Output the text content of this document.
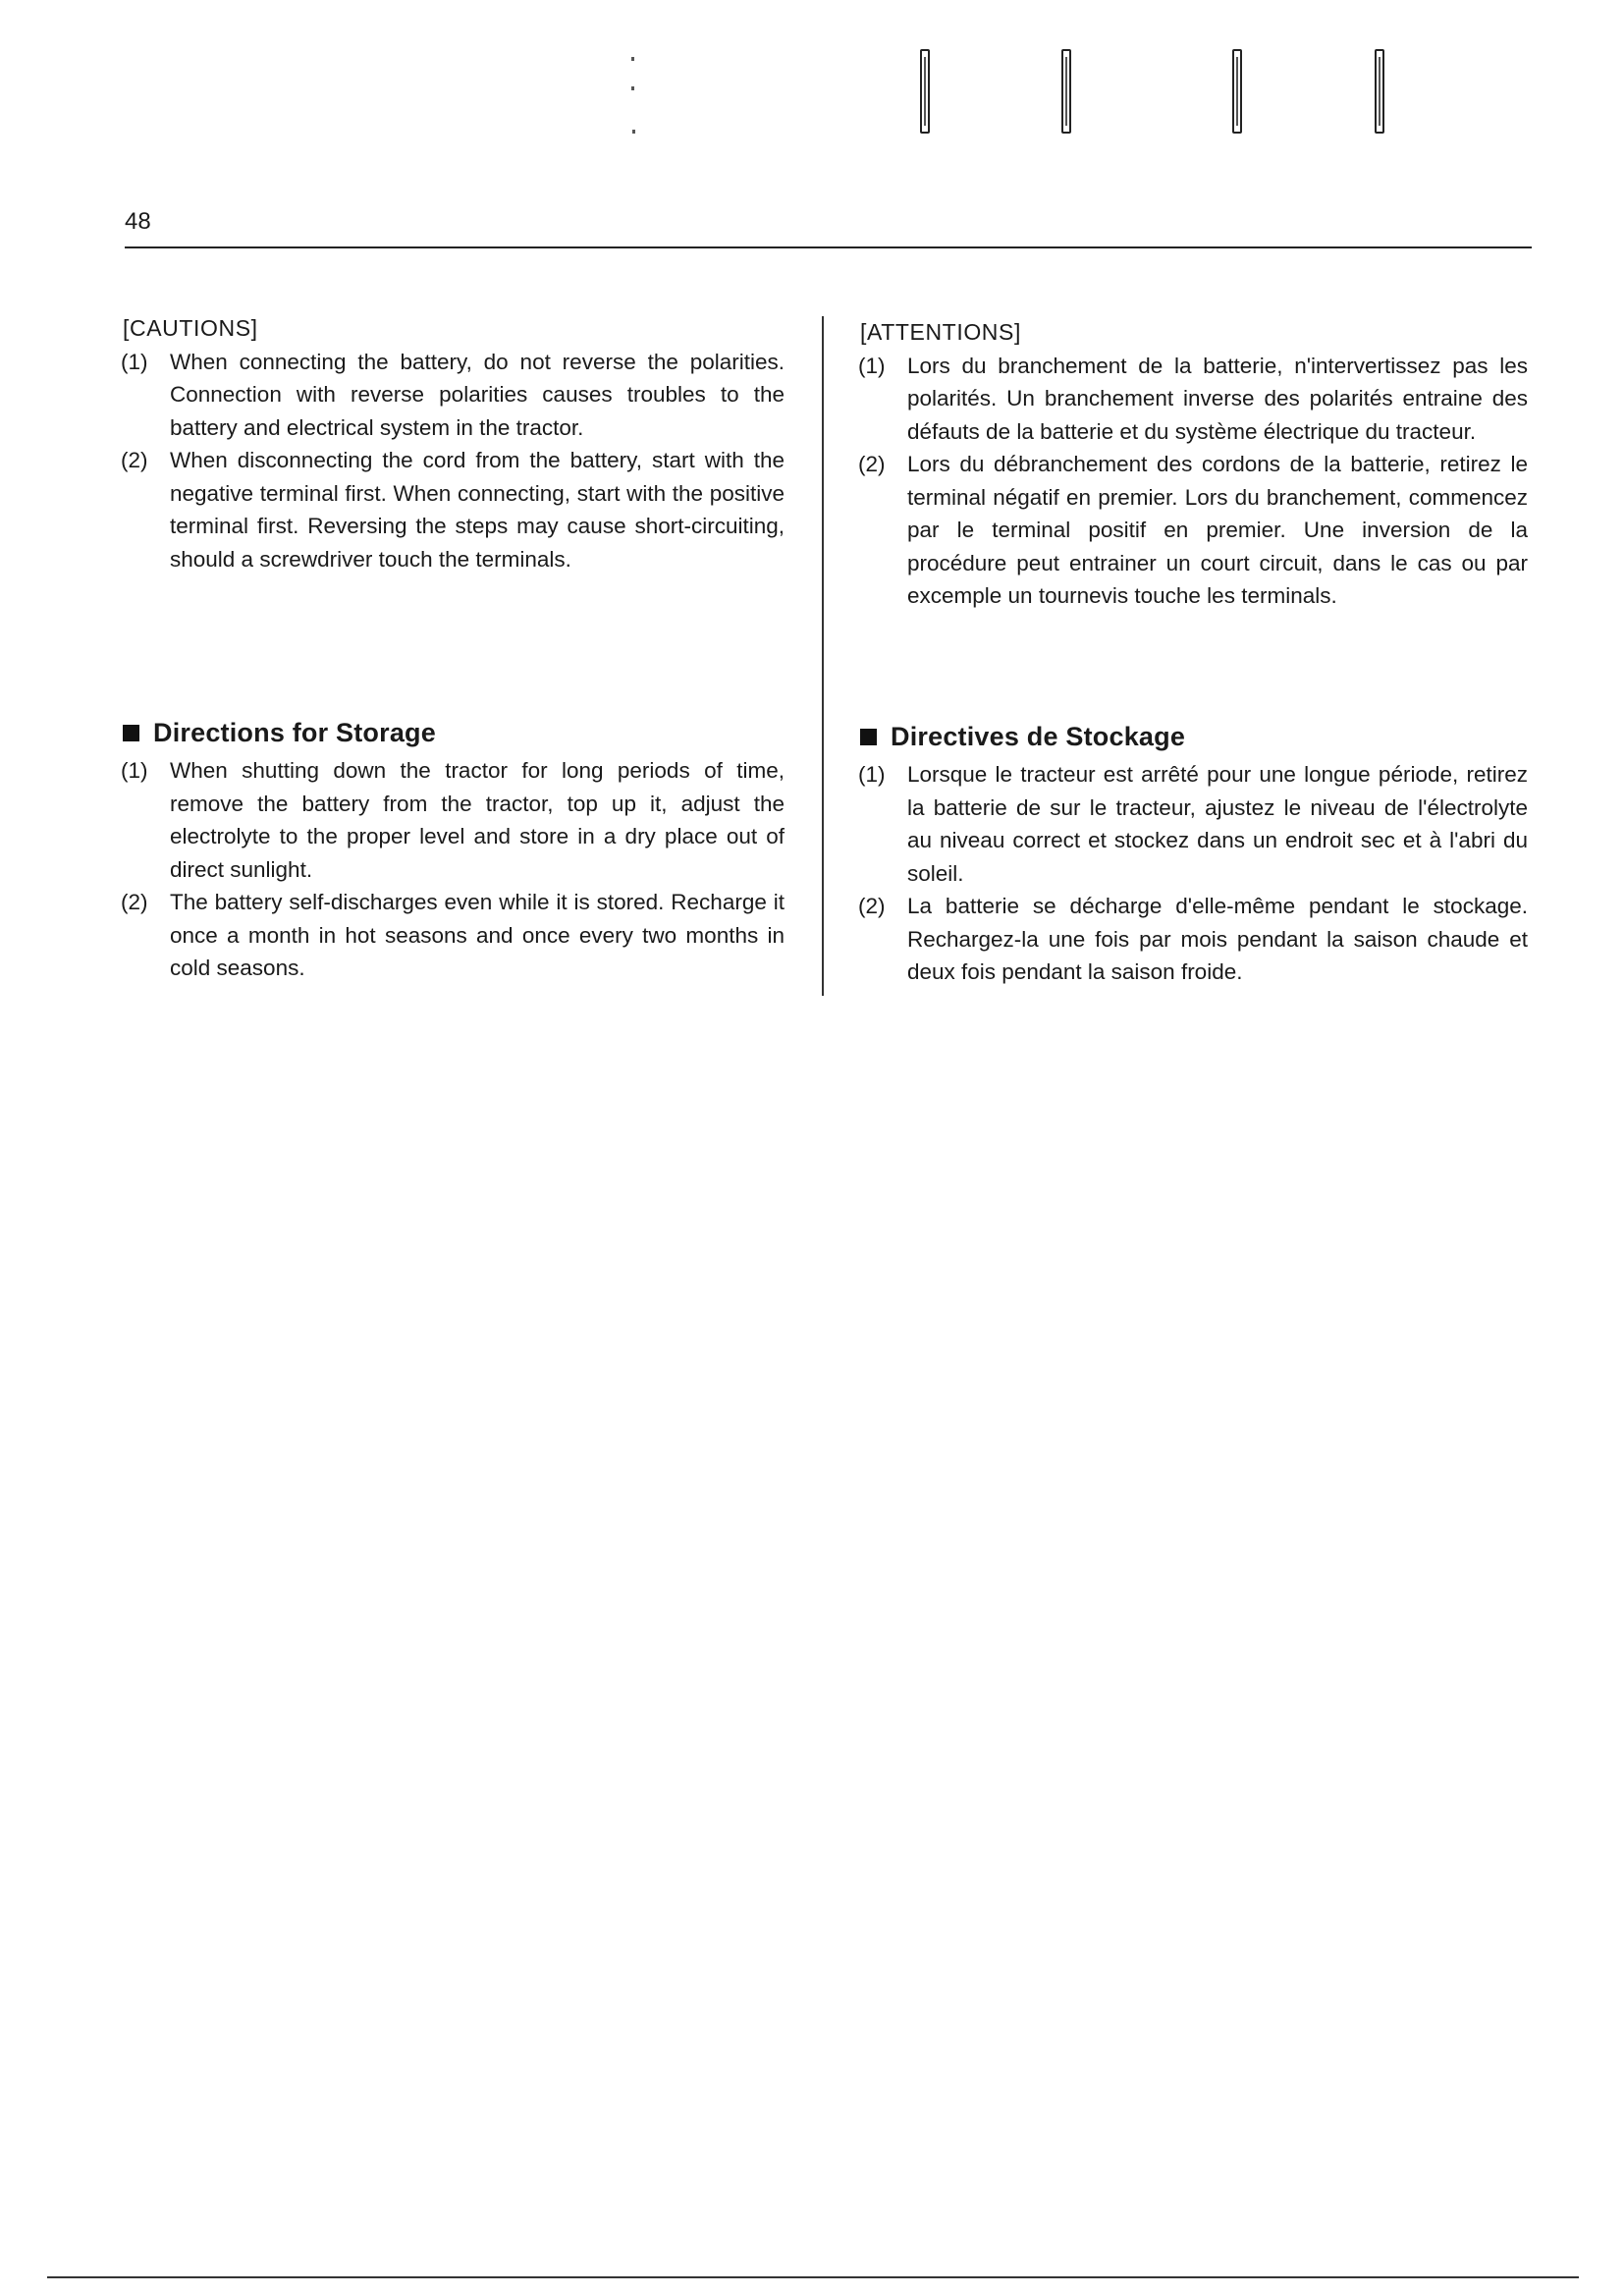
48

[CAUTIONS]

(1)	When connecting the battery, do not reverse the polarities. Connection with reverse polarities causes troubles to the battery and electrical system in the tractor.
(2)	When disconnecting the cord from the battery, start with the negative terminal first. When connecting, start with the positive terminal first. Reversing the steps may cause short-circuiting, should a screwdriver touch the terminals.

[ATTENTIONS]

(1)	Lors du branchement de la batterie, n'intervertissez pas les polarités. Un branchement inverse des polarités entraine des défauts de la batterie et du système électrique du tracteur.
(2)	Lors du débranchement des cordons de la batterie, retirez le terminal négatif en premier. Lors du branchement, commencez par le terminal positif en premier. Une inversion de la procédure peut entrainer un court circuit, dans le cas ou par excemple un tournevis touche les terminals.
Directions for Storage
(1)	When shutting down the tractor for long periods of time, remove the battery from the tractor, top up it, adjust the electrolyte to the proper level and store in a dry place out of direct sunlight.
(2)	The battery self-discharges even while it is stored. Recharge it once a month in hot seasons and once every two months in cold seasons.
Directives de Stockage
(1)	Lorsque le tracteur est arrêté pour une longue période, retirez la batterie de sur le tracteur, ajustez le niveau de l'électrolyte au niveau correct et stockez dans un endroit sec et à l'abri du soleil.
(2)	La batterie se décharge d'elle-même pendant le stockage. Rechargez-la une fois par mois pendant la saison chaude et deux fois pendant la saison froide.
